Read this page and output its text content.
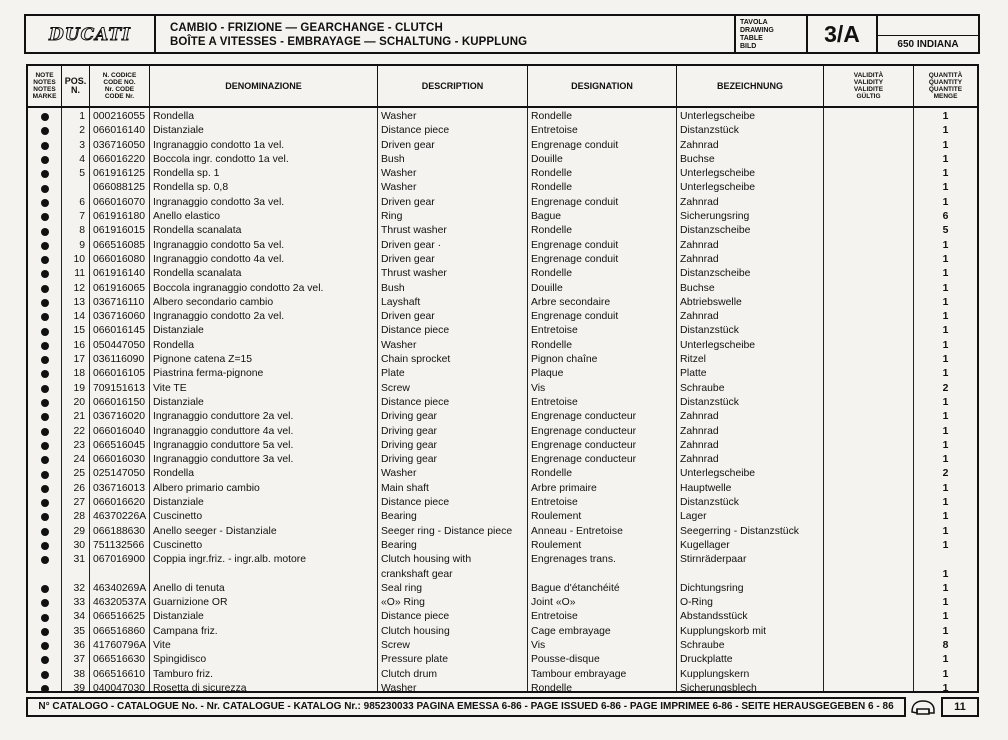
DUCATI	CAMBIO - FRIZIONE — GEARCHANGE - CLUTCH
BOÎTE A VITESSES - EMBRAYAGE — SCHALTUNG - KUPPLUNG
TAVOLA
DRAWING
TABLE
BILD	3/A	650 INDIANA
NOTE
NOTES
NOTES
MARKE
POS.
N.
N. CODICE
CODE NO.
Nr. CODE
CODE Nr.
DENOMINAZIONE	DESCRIPTION	DESIGNATION	BEZEICHNUNG
VALIDITÀ
VALIDITY
VALIDITE
GÜLTIG
QUANTITÀ
QUANTITY
QUANTITE
MENGE
1 000216055 Rondella	Washer	Rondelle	Unterlegscheibe	1
2 066016140 Distanziale	Distance piece	Entretoise	Distanzstück	1
3 036716050 Ingranaggio condotto 1a vel.	Driven gear	Engrenage conduit	Zahnrad	1
4 066016220 Boccola ingr. condotto 1a vel.	Bush	Douille	Buchse	1
5 061916125 Rondella sp. 1	Washer	Rondelle	Unterlegscheibe	1
066088125 Rondella sp. 0,8	Washer	Rondelle	Unterlegscheibe	1
6 066016070 Ingranaggio condotto 3a vel.	Driven gear	Engrenage conduit	Zahnrad	1
7 061916180 Anello elastico	Ring	Bague	Sicherungsring	6
8 061916015 Rondella scanalata	Thrust washer	Rondelle	Distanzscheibe	5
9 066516085 Ingranaggio condotto 5a vel.	Driven gear ·	Engrenage conduit	Zahnrad	1
10 066016080 Ingranaggio condotto 4a vel.	Driven gear	Engrenage conduit	Zahnrad	1
11 061916140 Rondella scanalata	Thrust washer	Rondelle	Distanzscheibe	1
12 061916065 Boccola ingranaggio condotto 2a vel.	Bush	Douille	Buchse	1
13 036716110 Albero secondario cambio	Layshaft	Arbre secondaire	Abtriebswelle	1
14 036716060 Ingranaggio condotto 2a vel.	Driven gear	Engrenage conduit	Zahnrad	1
15 066016145 Distanziale	Distance piece	Entretoise	Distanzstück	1
16 050447050 Rondella	Washer	Rondelle	Unterlegscheibe	1
17 036116090 Pignone catena Z=15	Chain sprocket	Pignon chaîne	Ritzel	1
18 066016105 Piastrina ferma-pignone	Plate	Plaque	Platte	1
19 709151613 Vite TE	Screw	Vis	Schraube	2
20 066016150 Distanziale	Distance piece	Entretoise	Distanzstück	1
21 036716020 Ingranaggio conduttore 2a vel.	Driving gear	Engrenage conducteur	Zahnrad	1
22 066016040 Ingranaggio conduttore 4a vel.	Driving gear	Engrenage conducteur	Zahnrad	1
23 066516045 Ingranaggio conduttore 5a vel.	Driving gear	Engrenage conducteur	Zahnrad	1
24 066016030 Ingranaggio conduttore 3a vel.	Driving gear	Engrenage conducteur	Zahnrad	1
25 025147050 Rondella	Washer	Rondelle	Unterlegscheibe	2
26 036716013 Albero primario cambio	Main shaft	Arbre primaire	Hauptwelle	1
27 066016620 Distanziale	Distance piece	Entretoise	Distanzstück	1
28 46370226A Cuscinetto	Bearing	Roulement	Lager	1
29 066188630 Anello seeger - Distanziale	Seeger ring - Distance piece	Anneau - Entretoise	Seegerring - Distanzstück	1
30 751132566 Cuscinetto	Bearing	Roulement	Kugellager	1
31 067016900 Coppia ingr.friz. - ingr.alb. motore	Clutch housing with	Engrenages trans.	Stirnräderpaar
crankshaft gear	1
32 46340269A Anello di tenuta	Seal ring	Bague d'étanchéité	Dichtungsring	1
33 46320537A Guarnizione OR	«O» Ring	Joint «O»	O-Ring	1
34 066516625 Distanziale	Distance piece	Entretoise	Abstandsstück	1
35 066516860 Campana friz.	Clutch housing	Cage embrayage	Kupplungskorb mit	1
36 41760796A Vite	Screw	Vis	Schraube	8
37 066516630 Spingidisco	Pressure plate	Pousse-disque	Druckplatte	1
38 066516610 Tamburo friz.	Clutch drum	Tambour embrayage	Kupplungskern	1
39 040047030 Rosetta di sicurezza	Washer	Rondelle	Sicherungsblech	1
N° CATALOGO - CATALOGUE No. - Nr. CATALOGUE - KATALOG Nr.: 985230033 PAGINA EMESSA 6-86 - PAGE ISSUED 6-86 - PAGE IMPRIMEE 6-86 - SEITE HERAUSGEGEBEN 6 - 86	11
